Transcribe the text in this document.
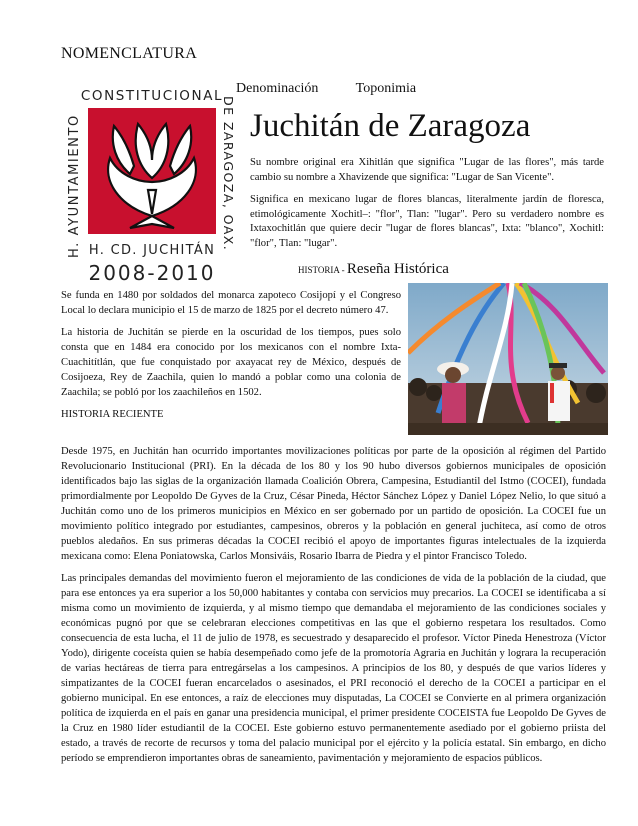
NOMENCLATURA
CONSTITUCIONAL
H. AYUNTAMIENTO	DE ZARAGOZA, OAX.
H. CD. JUCHITÁN
2008-2010
Denominación	Toponimia
Juchitán de Zaragoza

Su nombre original era Xihitlán que significa "Lugar de las flores", más tarde cambio su nombre a Xhavizende que significa: "Lugar de San Vicente".

Significa en mexicano lugar de flores blancas, literalmente jardín de floresca, etimológicamente Xochitl–: "flor", Tlan: "lugar". Pero su verdadero nombre es Ixtaxochitlán que quiere decir "lugar de flores blancas", Ixta: "blanco", Xochitl: "flor", Tlan: "lugar".

HISTORIA - Reseña Histórica

Se funda en 1480 por soldados del monarca zapoteco Cosijopí y el Congreso Local lo declara municipio el 15 de marzo de 1825 por el decreto número 47.

La historia de Juchitán se pierde en la oscuridad de los tiempos, pues solo consta que en 1484 era conocido por los mexicanos con el nombre Ixta-Cuachitítlán, que fue conquistado por axayacat rey de México, después de Cosijoeza, Rey de Zaachila, quien lo mandó a poblar como una colonia de Zaachila; se pobló por los zaachileños en 1502.

HISTORIA RECIENTE

Desde 1975, en Juchitán han ocurrido importantes movilizaciones políticas por parte de la oposición al régimen del Partido Revolucionario Institucional (PRI). En la década de los 80 y los 90 hubo diversos gobiernos municipales de oposición identificados bajo las siglas de la organización llamada Coalición Obrera, Campesina, Estudiantil del Istmo (COCEI), fundada primordialmente por Leopoldo De Gyves de la Cruz, César Pineda, Héctor Sánchez López y Daniel López Nelio, lo que situó a Juchitán como uno de los primeros municipios en México en ser gobernado por un partido de oposición. La COCEI fue un movimiento político integrado por estudiantes, campesinos, obreros y la población en general juchiteca, así como de otros pueblos aledaños. En sus primeras décadas la COCEI recibió el apoyo de importantes figuras intelectuales de la izquierda mexicana como: Elena Poniatowska, Carlos Monsiváis, Rosario Ibarra de Piedra y el pintor Francisco Toledo.

Las principales demandas del movimiento fueron el mejoramiento de las condiciones de vida de la población de la ciudad, que para ese entonces ya era superior a los 50,000 habitantes y contaba con servicios muy precarios. La COCEI se identificaba a sí misma como un movimiento de izquierda, y al mismo tiempo que demandaba el mejoramiento de las condiciones sociales y económicas pugnó por que se celebraran elecciones competitivas en las que el gobierno respetara los resultados. Como consecuencia de esta lucha, el 11 de julio de 1978, es secuestrado y desaparecido el profesor. Víctor Pineda Henestroza (Víctor Yodo), dirigente coceísta quien se había desempeñado como jefe de la promotoría Agraria en Juchitán y lograra la recuperación de varias hectáreas de tierra para entregárselas a los campesinos. A principios de los 80, y después de que varios líderes y simpatizantes de la COCEI fueran encarcelados o asesinados, el PRI reconoció el derecho de la COCEI a participar en el gobierno municipal. En ese entonces, a raíz de elecciones muy disputadas, La COCEI se Convierte en al primera organización política de izquierda en el país en ganar una presidencia municipal, el primer presidente COCEISTA fue Leopoldo De Gyves de la Cruz en 1980 líder estudiantil de la COCEI. Este gobierno estuvo permanentemente asediado por el gobierno priista del estado, a través de recorte de recursos y toma del palacio municipal por el ejército y la policía estatal. Sin embargo, en dicho período se emprendieron importantes obras de saneamiento, pavimentación y mejoramiento de espacios públicos.
